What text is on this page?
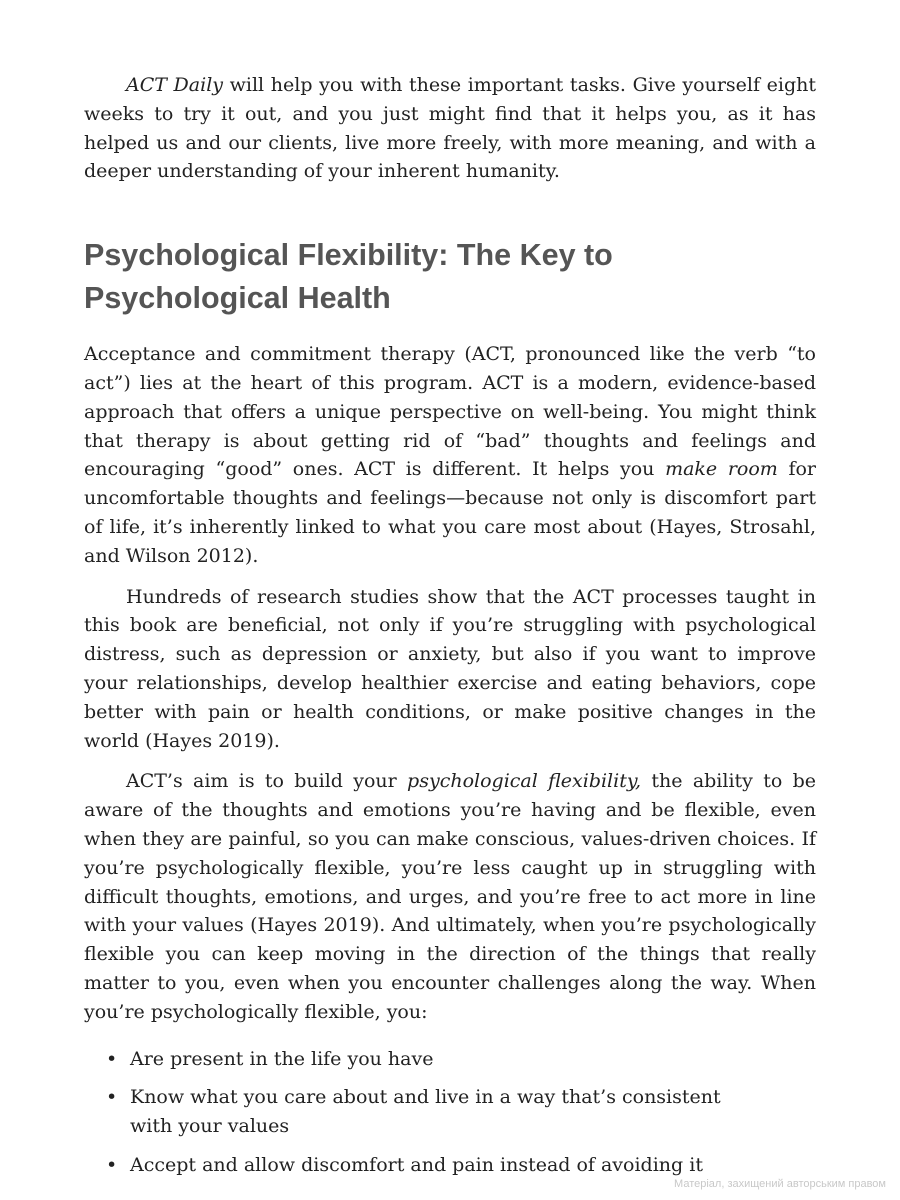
ACT Daily will help you with these important tasks. Give yourself eight weeks to try it out, and you just might find that it helps you, as it has helped us and our clients, live more freely, with more meaning, and with a deeper understanding of your inherent humanity.

Psychological Flexibility: The Key to Psychological Health

Acceptance and commitment therapy (ACT, pronounced like the verb “to act”) lies at the heart of this program. ACT is a modern, evidence-based approach that offers a unique perspective on well-being. You might think that therapy is about getting rid of “bad” thoughts and feelings and encouraging “good” ones. ACT is different. It helps you make room for uncomfortable thoughts and feelings—because not only is discomfort part of life, it’s inherently linked to what you care most about (Hayes, Strosahl, and Wilson 2012).

Hundreds of research studies show that the ACT processes taught in this book are beneficial, not only if you’re struggling with psychological distress, such as depression or anxiety, but also if you want to improve your relationships, develop healthier exercise and eating behaviors, cope better with pain or health conditions, or make positive changes in the world (Hayes 2019).

ACT’s aim is to build your psychological flexibility, the ability to be aware of the thoughts and emotions you’re having and be flexible, even when they are painful, so you can make conscious, values-driven choices. If you’re psychologically flexible, you’re less caught up in struggling with difficult thoughts, emotions, and urges, and you’re free to act more in line with your values (Hayes 2019). And ultimately, when you’re psychologically flexible you can keep moving in the direction of the things that really matter to you, even when you encounter challenges along the way. When you’re psychologically flexible, you:

• Are present in the life you have
• Know what you care about and live in a way that’s consistent with your values
• Accept and allow discomfort and pain instead of avoiding it
Матеріал, захищений авторським правом
